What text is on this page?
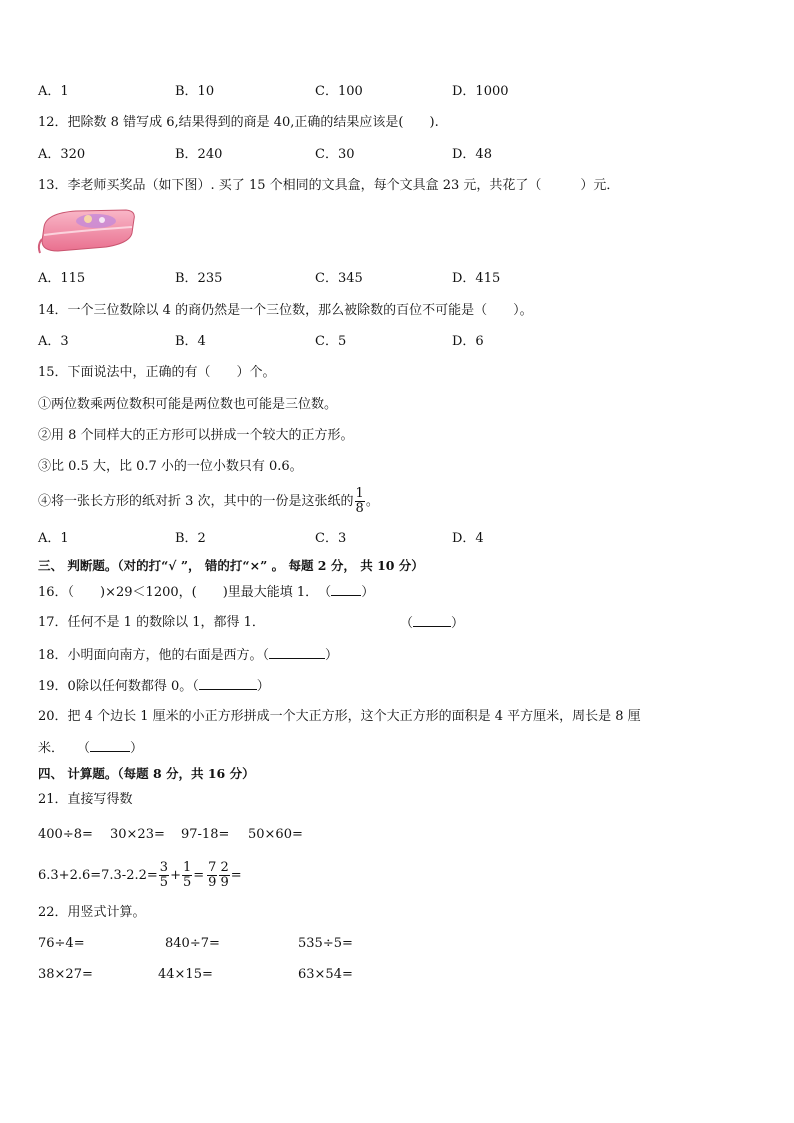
A．1	B．10	C．100	D．1000
12．把除数 8 错写成 6,结果得到的商是 40,正确的结果应该是(　　).
A．320	B．240	C．30	D．48
13．李老师买奖品（如下图）. 买了 15 个相同的文具盒，每个文具盒 23 元，共花了（　　　）元．
A．115	B．235	C．345	D．415
14．一个三位数除以 4 的商仍然是一个三位数，那么被除数的百位不可能是（　　）。
A．3	B．4	C．5	D．6
15．下面说法中，正确的有（　　）个。
①两位数乘两位数积可能是两位数也可能是三位数。
②用 8 个同样大的正方形可以拼成一个较大的正方形。
③比 0.5 大，比 0.7 小的一位小数只有 0.6。
④将一张长方形的纸对折 3 次，其中的一份是这张纸的 $\frac{1}{8}$ 。
A．1	B．2	C．3	D．4
三、 判断题。（对的打“√ ”， 错的打“×” 。 每题 2 分， 共 10 分）
16．（　　)×29＜1200，(　　)里最大能填 1．　（ ）
17．任何不是 1 的数除以 1，都得 1．	（	）
18．小明面向南方，他的右面是西方。（	）
19．0除以任何数都得 0。（	）
20．把 4 个边长 1 厘米的小正方形拼成一个大正方形，这个大正方形的面积是 4 平方厘米，周长是 8 厘
米．　　（	）
四、 计算题。（每题 8 分，共 16 分）
21．直接写得数
400÷8= 30×23= 97-18= 50×60=
$6.3+2.6=7.3-2.2= \frac{3}{5} + \frac{1}{5} = \frac{7}{9} \frac{2}{9}$ =
22．用竖式计算。
76÷4=	840÷7=	535÷5=
38×27=	44×15=	63×54=
